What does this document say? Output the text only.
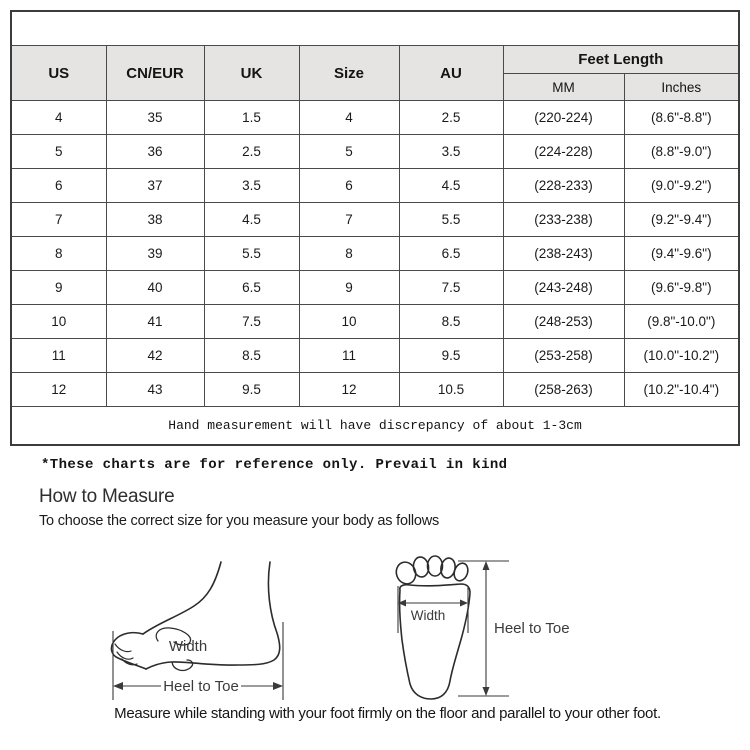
US	CN/EUR	UK	Size	AU	Feet Length	
					MM	Inches
4	35	1.5	4	2.5	(220-224)	(8.6"-8.8")
5	36	2.5	5	3.5	(224-228)	(8.8"-9.0")
6	37	3.5	6	4.5	(228-233)	(9.0"-9.2")
7	38	4.5	7	5.5	(233-238)	(9.2"-9.4")
8	39	5.5	8	6.5	(238-243)	(9.4"-9.6")
9	40	6.5	9	7.5	(243-248)	(9.6"-9.8")
10	41	7.5	10	8.5	(248-253)	(9.8"-10.0")
11	42	8.5	11	9.5	(253-258)	(10.0"-10.2")
12	43	9.5	12	10.5	(258-263)	(10.2"-10.4")
Hand measurement will have discrepancy of about 1-3cm						
*These charts are for reference only. Prevail in kind
How to Measure
To choose the correct size for you measure your body as follows
Width
Heel to Toe
Width
Heel to Toe
Measure while standing with your foot firmly on the floor and parallel to your other foot.
